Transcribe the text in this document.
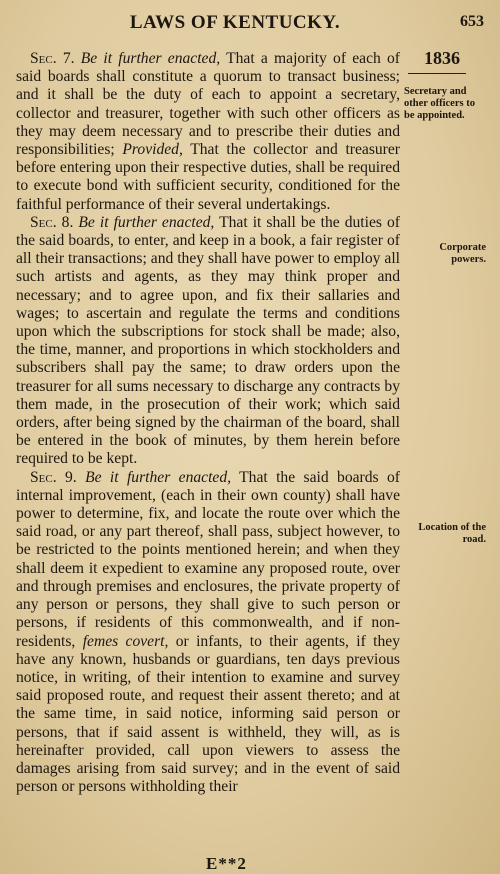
LAWS OF KENTUCKY.	653
1836
Secretary and other officers to be appointed.
Corporate powers.
Location of the road.

Sec. 7. Be it further enacted, That a majority of each of said boards shall constitute a quorum to transact business; and it shall be the duty of each to appoint a secretary, collector and treasurer, together with such other officers as they may deem necessary and to prescribe their duties and responsibilities; Provided, That the collector and treasurer before entering upon their respective duties, shall be required to execute bond with sufficient security, conditioned for the faithful performance of their several undertakings.

Sec. 8. Be it further enacted, That it shall be the duties of the said boards, to enter, and keep in a book, a fair register of all their transactions; and they shall have power to employ all such artists and agents, as they may think proper and necessary; and to agree upon, and fix their sallaries and wages; to ascertain and regulate the terms and conditions upon which the subscriptions for stock shall be made; also, the time, manner, and proportions in which stockholders and subscribers shall pay the same; to draw orders upon the treasurer for all sums necessary to discharge any contracts by them made, in the prosecution of their work; which said orders, after being signed by the chairman of the board, shall be entered in the book of minutes, by them herein before required to be kept.

Sec. 9. Be it further enacted, That the said boards of internal improvement, (each in their own county) shall have power to determine, fix, and locate the route over which the said road, or any part thereof, shall pass, subject however, to be restricted to the points mentioned herein; and when they shall deem it expedient to examine any proposed route, over and through premises and enclosures, the private property of any person or persons, they shall give to such person or persons, if residents of this commonwealth, and if non-residents, femes covert, or infants, to their agents, if they have any known, husbands or guardians, ten days previous notice, in writing, of their intention to examine and survey said proposed route, and request their assent thereto; and at the same time, in said notice, informing said person or persons, that if said assent is withheld, they will, as is hereinafter provided, call upon viewers to assess the damages arising from said survey; and in the event of said person or persons withholding their

E**2
